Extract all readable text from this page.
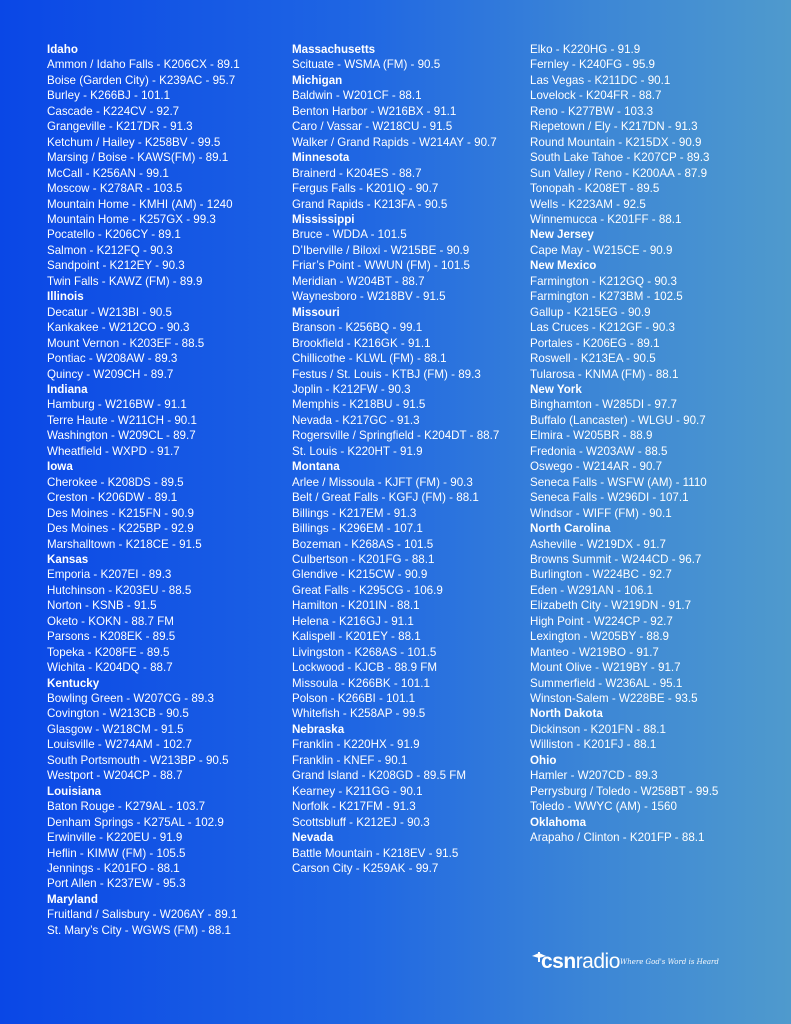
Idaho
Ammon / Idaho Falls - K206CX - 89.1
Boise (Garden City) - K239AC - 95.7
Burley - K266BJ - 101.1
Cascade - K224CV - 92.7
Grangeville - K217DR - 91.3
Ketchum / Hailey - K258BV - 99.5
Marsing / Boise - KAWS(FM) - 89.1
McCall - K256AN - 99.1
Moscow - K278AR - 103.5
Mountain Home - KMHI (AM) - 1240
Mountain Home - K257GX - 99.3
Pocatello - K206CY - 89.1
Salmon - K212FQ - 90.3
Sandpoint - K212EY - 90.3
Twin Falls - KAWZ (FM) - 89.9
Illinois
Decatur - W213BI - 90.5
Kankakee - W212CO - 90.3
Mount Vernon - K203EF - 88.5
Pontiac - W208AW - 89.3
Quincy - W209CH - 89.7
Indiana
Hamburg - W216BW - 91.1
Terre Haute - W211CH - 90.1
Washington - W209CL - 89.7
Wheatfield - WXPD - 91.7
Iowa
Cherokee - K208DS - 89.5
Creston - K206DW - 89.1
Des Moines - K215FN - 90.9
Des Moines - K225BP - 92.9
Marshalltown - K218CE - 91.5
Kansas
Emporia - K207EI - 89.3
Hutchinson - K203EU - 88.5
Norton - KSNB - 91.5
Oketo - KOKN - 88.7 FM
Parsons - K208EK - 89.5
Topeka - K208FE - 89.5
Wichita - K204DQ - 88.7
Kentucky
Bowling Green - W207CG - 89.3
Covington - W213CB - 90.5
Glasgow - W218CM - 91.5
Louisville - W274AM - 102.7
South Portsmouth - W213BP - 90.5
Westport - W204CP - 88.7
Louisiana
Baton Rouge - K279AL - 103.7
Denham Springs - K275AL - 102.9
Erwinville - K220EU - 91.9
Heflin - KIMW (FM) - 105.5
Jennings - K201FO - 88.1
Port Allen - K237EW - 95.3
Maryland
Fruitland / Salisbury - W206AY - 89.1
St. Mary’s City - WGWS (FM) - 88.1
Massachusetts
Scituate - WSMA (FM) - 90.5
Michigan
Baldwin - W201CF - 88.1
Benton Harbor - W216BX - 91.1
Caro / Vassar - W218CU - 91.5
Walker / Grand Rapids - W214AY - 90.7
Minnesota
Brainerd - K204ES - 88.7
Fergus Falls - K201IQ - 90.7
Grand Rapids - K213FA - 90.5
Mississippi
Bruce - WDDA - 101.5
D’Iberville / Biloxi - W215BE - 90.9
Friar’s Point - WWUN (FM) - 101.5
Meridian - W204BT - 88.7
Waynesboro - W218BV - 91.5
Missouri
Branson - K256BQ - 99.1
Brookfield - K216GK - 91.1
Chillicothe - KLWL (FM) - 88.1
Festus / St. Louis - KTBJ (FM) - 89.3
Joplin - K212FW - 90.3
Memphis - K218BU - 91.5
Nevada - K217GC - 91.3
Rogersville / Springfield - K204DT - 88.7
St. Louis - K220HT - 91.9
Montana
Arlee / Missoula - KJFT (FM) - 90.3
Belt / Great Falls - KGFJ (FM) - 88.1
Billings - K217EM - 91.3
Billings - K296EM - 107.1
Bozeman - K268AS - 101.5
Culbertson - K201FG - 88.1
Glendive - K215CW - 90.9
Great Falls - K295CG - 106.9
Hamilton - K201IN - 88.1
Helena - K216GJ - 91.1
Kalispell - K201EY - 88.1
Livingston - K268AS - 101.5
Lockwood - KJCB - 88.9 FM
Missoula - K266BK - 101.1
Polson - K266BI - 101.1
Whitefish - K258AP - 99.5
Nebraska
Franklin - K220HX - 91.9
Franklin - KNEF - 90.1
Grand Island - K208GD - 89.5 FM
Kearney - K211GG - 90.1
Norfolk - K217FM - 91.3
Scottsbluff - K212EJ - 90.3
Nevada
Battle Mountain - K218EV - 91.5
Carson City - K259AK - 99.7
Elko - K220HG - 91.9
Fernley - K240FG - 95.9
Las Vegas - K211DC - 90.1
Lovelock - K204FR - 88.7
Reno - K277BW - 103.3
Riepetown / Ely - K217DN - 91.3
Round Mountain - K215DX - 90.9
South Lake Tahoe - K207CP - 89.3
Sun Valley / Reno - K200AA - 87.9
Tonopah - K208ET - 89.5
Wells - K223AM - 92.5
Winnemucca - K201FF - 88.1
New Jersey
Cape May - W215CE - 90.9
New Mexico
Farmington - K212GQ - 90.3
Farmington - K273BM - 102.5
Gallup - K215EG - 90.9
Las Cruces - K212GF - 90.3
Portales - K206EG - 89.1
Roswell - K213EA - 90.5
Tularosa - KNMA (FM) - 88.1
New York
Binghamton - W285DI - 97.7
Buffalo (Lancaster) - WLGU - 90.7
Elmira - W205BR - 88.9
Fredonia - W203AW - 88.5
Oswego - W214AR - 90.7
Seneca Falls - WSFW (AM) - 1110
Seneca Falls - W296DI - 107.1
Windsor - WIFF (FM) - 90.1
North Carolina
Asheville - W219DX - 91.7
Browns Summit - W244CD - 96.7
Burlington - W224BC - 92.7
Eden - W291AN - 106.1
Elizabeth City - W219DN - 91.7
High Point - W224CP - 92.7
Lexington - W205BY - 88.9
Manteo - W219BO - 91.7
Mount Olive - W219BY - 91.7
Summerfield - W236AL - 95.1
Winston-Salem - W228BE - 93.5
North Dakota
Dickinson - K201FN - 88.1
Williston - K201FJ - 88.1
Ohio
Hamler - W207CD - 89.3
Perrysburg / Toledo - W258BT - 99.5
Toledo - WWYC (AM) - 1560
Oklahoma
Arapaho / Clinton - K201FP - 88.1
csnradio Where God's Word is Heard
